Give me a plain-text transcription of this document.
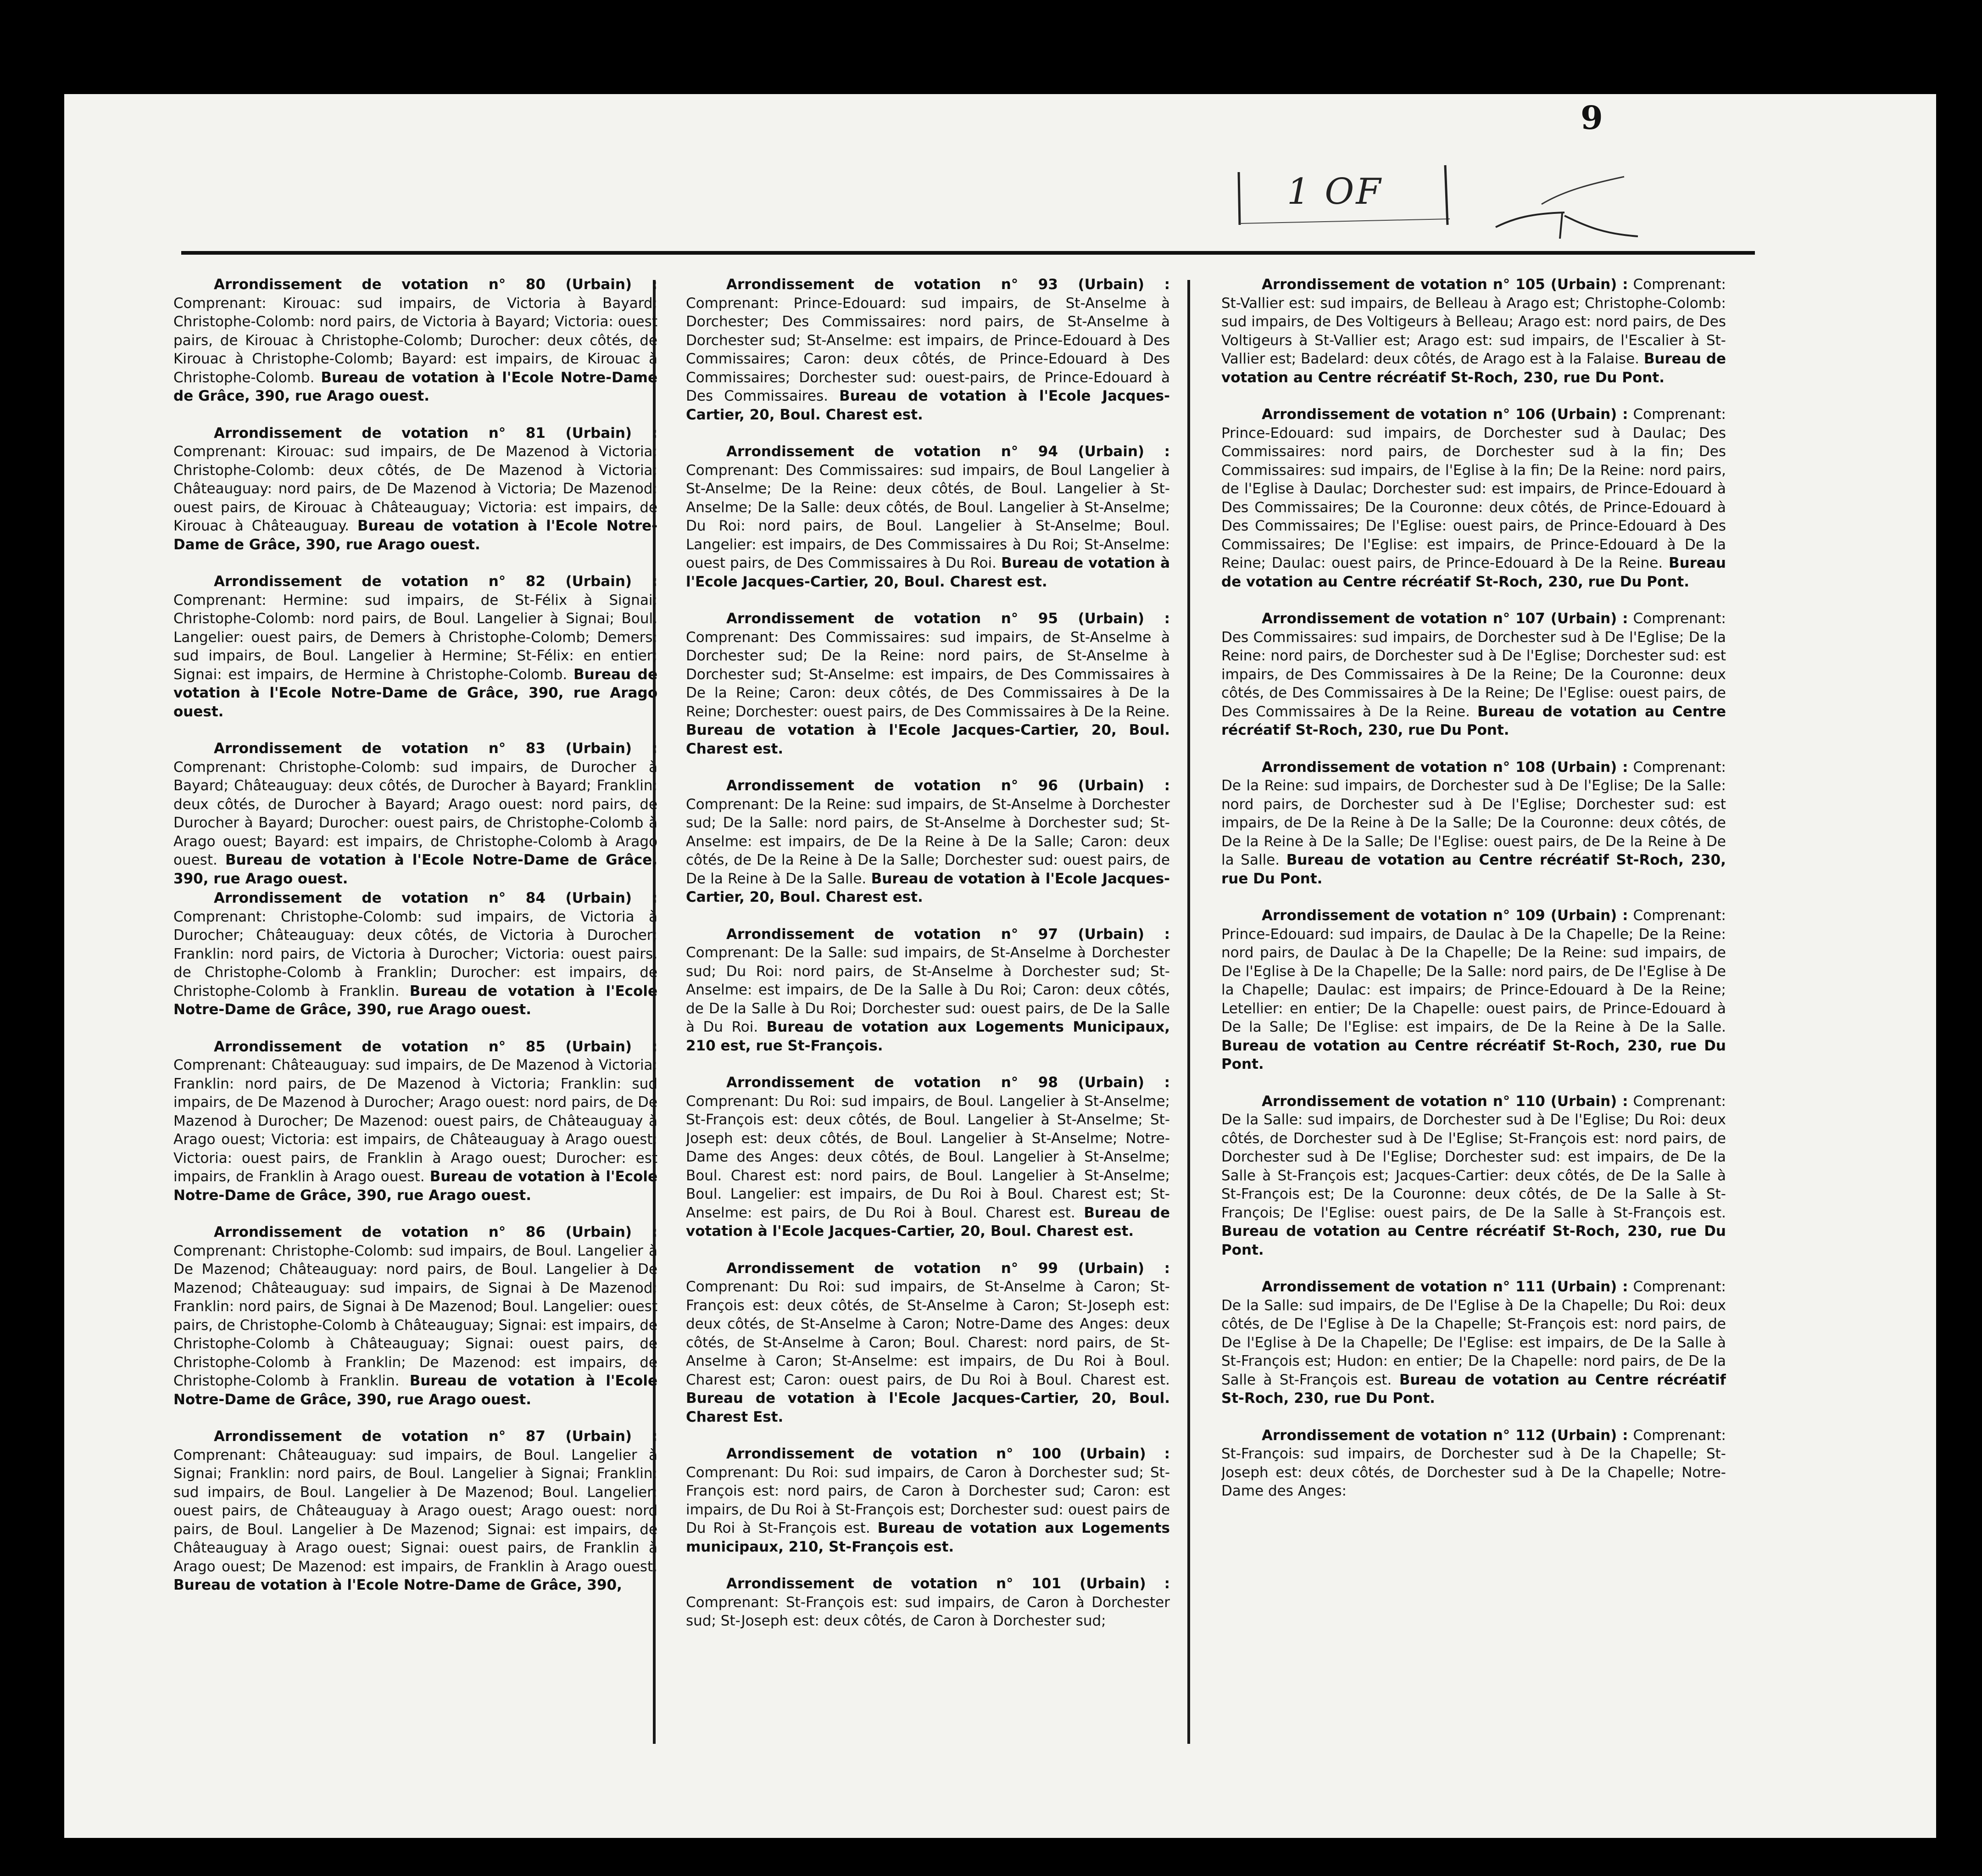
9
1 OF

Arrondissement de votation n° 80 (Urbain) : Comprenant: Kirouac: sud impairs, de Victoria à Bayard; Christophe-Colomb: nord pairs, de Victoria à Bayard; Victoria: ouest pairs, de Kirouac à Christophe-Colomb; Durocher: deux côtés, de Kirouac à Christophe-Colomb; Bayard: est impairs, de Kirouac à Christophe-Colomb. Bureau de votation à l'Ecole Notre-Dame de Grâce, 390, rue Arago ouest.

Arrondissement de votation n° 81 (Urbain) : Comprenant: Kirouac: sud impairs, de De Mazenod à Victoria; Christophe-Colomb: deux côtés, de De Mazenod à Victoria; Châteauguay: nord pairs, de De Mazenod à Victoria; De Mazenod: ouest pairs, de Kirouac à Châteauguay; Victoria: est impairs, de Kirouac à Châteauguay. Bureau de votation à l'Ecole Notre-Dame de Grâce, 390, rue Arago ouest.

Arrondissement de votation n° 82 (Urbain) : Comprenant: Hermine: sud impairs, de St-Félix à Signai; Christophe-Colomb: nord pairs, de Boul. Langelier à Signai; Boul. Langelier: ouest pairs, de Demers à Christophe-Colomb; Demers: sud impairs, de Boul. Langelier à Hermine; St-Félix: en entier; Signai: est impairs, de Hermine à Christophe-Colomb. Bureau de votation à l'Ecole Notre-Dame de Grâce, 390, rue Arago ouest.

Arrondissement de votation n° 83 (Urbain) : Comprenant: Christophe-Colomb: sud impairs, de Durocher à Bayard; Châteauguay: deux côtés, de Durocher à Bayard; Franklin: deux côtés, de Durocher à Bayard; Arago ouest: nord pairs, de Durocher à Bayard; Durocher: ouest pairs, de Christophe-Colomb à Arago ouest; Bayard: est impairs, de Christophe-Colomb à Arago ouest. Bureau de votation à l'Ecole Notre-Dame de Grâce, 390, rue Arago ouest.

Arrondissement de votation n° 84 (Urbain) : Comprenant: Christophe-Colomb: sud impairs, de Victoria à Durocher; Châteauguay: deux côtés, de Victoria à Durocher; Franklin: nord pairs, de Victoria à Durocher; Victoria: ouest pairs, de Christophe-Colomb à Franklin; Durocher: est impairs, de Christophe-Colomb à Franklin. Bureau de votation à l'Ecole Notre-Dame de Grâce, 390, rue Arago ouest.

Arrondissement de votation n° 85 (Urbain) : Comprenant: Châteauguay: sud impairs, de De Mazenod à Victoria; Franklin: nord pairs, de De Mazenod à Victoria; Franklin: sud impairs, de De Mazenod à Durocher; Arago ouest: nord pairs, de De Mazenod à Durocher; De Mazenod: ouest pairs, de Châteauguay à Arago ouest; Victoria: est impairs, de Châteauguay à Arago ouest; Victoria: ouest pairs, de Franklin à Arago ouest; Durocher: est impairs, de Franklin à Arago ouest. Bureau de votation à l'Ecole Notre-Dame de Grâce, 390, rue Arago ouest.

Arrondissement de votation n° 86 (Urbain) : Comprenant: Christophe-Colomb: sud impairs, de Boul. Langelier à De Mazenod; Châteauguay: nord pairs, de Boul. Langelier à De Mazenod; Châteauguay: sud impairs, de Signai à De Mazenod; Franklin: nord pairs, de Signai à De Mazenod; Boul. Langelier: ouest pairs, de Christophe-Colomb à Châteauguay; Signai: est impairs, de Christophe-Colomb à Châteauguay; Signai: ouest pairs, de Christophe-Colomb à Franklin; De Mazenod: est impairs, de Christophe-Colomb à Franklin. Bureau de votation à l'Ecole Notre-Dame de Grâce, 390, rue Arago ouest.

Arrondissement de votation n° 87 (Urbain) : Comprenant: Châteauguay: sud impairs, de Boul. Langelier à Signai; Franklin: nord pairs, de Boul. Langelier à Signai; Franklin: sud impairs, de Boul. Langelier à De Mazenod; Boul. Langelier: ouest pairs, de Châteauguay à Arago ouest; Arago ouest: nord pairs, de Boul. Langelier à De Mazenod; Signai: est impairs, de Châteauguay à Arago ouest; Signai: ouest pairs, de Franklin à Arago ouest; De Mazenod: est impairs, de Franklin à Arago ouest. Bureau de votation à l'Ecole Notre-Dame de Grâce, 390,

Arrondissement de votation n° 93 (Urbain) : Comprenant: Prince-Edouard: sud impairs, de St-Anselme à Dorchester; Des Commissaires: nord pairs, de St-Anselme à Dorchester sud; St-Anselme: est impairs, de Prince-Edouard à Des Commissaires; Caron: deux côtés, de Prince-Edouard à Des Commissaires; Dorchester sud: ouest-pairs, de Prince-Edouard à Des Commissaires. Bureau de votation à l'Ecole Jacques-Cartier, 20, Boul. Charest est.

Arrondissement de votation n° 94 (Urbain) : Comprenant: Des Commissaires: sud impairs, de Boul Langelier à St-Anselme; De la Reine: deux côtés, de Boul. Langelier à St-Anselme; De la Salle: deux côtés, de Boul. Langelier à St-Anselme; Du Roi: nord pairs, de Boul. Langelier à St-Anselme; Boul. Langelier: est impairs, de Des Commissaires à Du Roi; St-Anselme: ouest pairs, de Des Commissaires à Du Roi. Bureau de votation à l'Ecole Jacques-Cartier, 20, Boul. Charest est.

Arrondissement de votation n° 95 (Urbain) : Comprenant: Des Commissaires: sud impairs, de St-Anselme à Dorchester sud; De la Reine: nord pairs, de St-Anselme à Dorchester sud; St-Anselme: est impairs, de Des Commissaires à De la Reine; Caron: deux côtés, de Des Commissaires à De la Reine; Dorchester: ouest pairs, de Des Commissaires à De la Reine. Bureau de votation à l'Ecole Jacques-Cartier, 20, Boul. Charest est.

Arrondissement de votation n° 96 (Urbain) : Comprenant: De la Reine: sud impairs, de St-Anselme à Dorchester sud; De la Salle: nord pairs, de St-Anselme à Dorchester sud; St-Anselme: est impairs, de De la Reine à De la Salle; Caron: deux côtés, de De la Reine à De la Salle; Dorchester sud: ouest pairs, de De la Reine à De la Salle. Bureau de votation à l'Ecole Jacques-Cartier, 20, Boul. Charest est.

Arrondissement de votation n° 97 (Urbain) : Comprenant: De la Salle: sud impairs, de St-Anselme à Dorchester sud; Du Roi: nord pairs, de St-Anselme à Dorchester sud; St-Anselme: est impairs, de De la Salle à Du Roi; Caron: deux côtés, de De la Salle à Du Roi; Dorchester sud: ouest pairs, de De la Salle à Du Roi. Bureau de votation aux Logements Municipaux, 210 est, rue St-François.

Arrondissement de votation n° 98 (Urbain) : Comprenant: Du Roi: sud impairs, de Boul. Langelier à St-Anselme; St-François est: deux côtés, de Boul. Langelier à St-Anselme; St-Joseph est: deux côtés, de Boul. Langelier à St-Anselme; Notre-Dame des Anges: deux côtés, de Boul. Langelier à St-Anselme; Boul. Charest est: nord pairs, de Boul. Langelier à St-Anselme; Boul. Langelier: est impairs, de Du Roi à Boul. Charest est; St-Anselme: est pairs, de Du Roi à Boul. Charest est. Bureau de votation à l'Ecole Jacques-Cartier, 20, Boul. Charest est.

Arrondissement de votation n° 99 (Urbain) : Comprenant: Du Roi: sud impairs, de St-Anselme à Caron; St-François est: deux côtés, de St-Anselme à Caron; St-Joseph est: deux côtés, de St-Anselme à Caron; Notre-Dame des Anges: deux côtés, de St-Anselme à Caron; Boul. Charest: nord pairs, de St-Anselme à Caron; St-Anselme: est impairs, de Du Roi à Boul. Charest est; Caron: ouest pairs, de Du Roi à Boul. Charest est. Bureau de votation à l'Ecole Jacques-Cartier, 20, Boul. Charest Est.

Arrondissement de votation n° 100 (Urbain) : Comprenant: Du Roi: sud impairs, de Caron à Dorchester sud; St-François est: nord pairs, de Caron à Dorchester sud; Caron: est impairs, de Du Roi à St-François est; Dorchester sud: ouest pairs de Du Roi à St-François est. Bureau de votation aux Logements municipaux, 210, St-François est.

Arrondissement de votation n° 101 (Urbain) : Comprenant: St-François est: sud impairs, de Caron à Dorchester sud; St-Joseph est: deux côtés, de Caron à Dorchester sud;

Arrondissement de votation n° 105 (Urbain) : Comprenant: St-Vallier est: sud impairs, de Belleau à Arago est; Christophe-Colomb: sud impairs, de Des Voltigeurs à Belleau; Arago est: nord pairs, de Des Voltigeurs à St-Vallier est; Arago est: sud impairs, de l'Escalier à St-Vallier est; Badelard: deux côtés, de Arago est à la Falaise. Bureau de votation au Centre récréatif St-Roch, 230, rue Du Pont.

Arrondissement de votation n° 106 (Urbain) : Comprenant: Prince-Edouard: sud impairs, de Dorchester sud à Daulac; Des Commissaires: nord pairs, de Dorchester sud à la fin; Des Commissaires: sud impairs, de l'Eglise à la fin; De la Reine: nord pairs, de l'Eglise à Daulac; Dorchester sud: est impairs, de Prince-Edouard à Des Commissaires; De la Couronne: deux côtés, de Prince-Edouard à Des Commissaires; De l'Eglise: ouest pairs, de Prince-Edouard à Des Commissaires; De l'Eglise: est impairs, de Prince-Edouard à De la Reine; Daulac: ouest pairs, de Prince-Edouard à De la Reine. Bureau de votation au Centre récréatif St-Roch, 230, rue Du Pont.

Arrondissement de votation n° 107 (Urbain) : Comprenant: Des Commissaires: sud impairs, de Dorchester sud à De l'Eglise; De la Reine: nord pairs, de Dorchester sud à De l'Eglise; Dorchester sud: est impairs, de Des Commissaires à De la Reine; De la Couronne: deux côtés, de Des Commissaires à De la Reine; De l'Eglise: ouest pairs, de Des Commissaires à De la Reine. Bureau de votation au Centre récréatif St-Roch, 230, rue Du Pont.

Arrondissement de votation n° 108 (Urbain) : Comprenant: De la Reine: sud impairs, de Dorchester sud à De l'Eglise; De la Salle: nord pairs, de Dorchester sud à De l'Eglise; Dorchester sud: est impairs, de De la Reine à De la Salle; De la Couronne: deux côtés, de De la Reine à De la Salle; De l'Eglise: ouest pairs, de De la Reine à De la Salle. Bureau de votation au Centre récréatif St-Roch, 230, rue Du Pont.

Arrondissement de votation n° 109 (Urbain) : Comprenant: Prince-Edouard: sud impairs, de Daulac à De la Chapelle; De la Reine: nord pairs, de Daulac à De la Chapelle; De la Reine: sud impairs, de De l'Eglise à De la Chapelle; De la Salle: nord pairs, de De l'Eglise à De la Chapelle; Daulac: est impairs; de Prince-Edouard à De la Reine; Letellier: en entier; De la Chapelle: ouest pairs, de Prince-Edouard à De la Salle; De l'Eglise: est impairs, de De la Reine à De la Salle. Bureau de votation au Centre récréatif St-Roch, 230, rue Du Pont.

Arrondissement de votation n° 110 (Urbain) : Comprenant: De la Salle: sud impairs, de Dorchester sud à De l'Eglise; Du Roi: deux côtés, de Dorchester sud à De l'Eglise; St-François est: nord pairs, de Dorchester sud à De l'Eglise; Dorchester sud: est impairs, de De la Salle à St-François est; Jacques-Cartier: deux côtés, de De la Salle à St-François est; De la Couronne: deux côtés, de De la Salle à St-François; De l'Eglise: ouest pairs, de De la Salle à St-François est. Bureau de votation au Centre récréatif St-Roch, 230, rue Du Pont.

Arrondissement de votation n° 111 (Urbain) : Comprenant: De la Salle: sud impairs, de De l'Eglise à De la Chapelle; Du Roi: deux côtés, de De l'Eglise à De la Chapelle; St-François est: nord pairs, de De l'Eglise à De la Chapelle; De l'Eglise: est impairs, de De la Salle à St-François est; Hudon: en entier; De la Chapelle: nord pairs, de De la Salle à St-François est. Bureau de votation au Centre récréatif St-Roch, 230, rue Du Pont.

Arrondissement de votation n° 112 (Urbain) : Comprenant: St-François: sud impairs, de Dorchester sud à De la Chapelle; St-Joseph est: deux côtés, de Dorchester sud à De la Chapelle; Notre-Dame des Anges:
